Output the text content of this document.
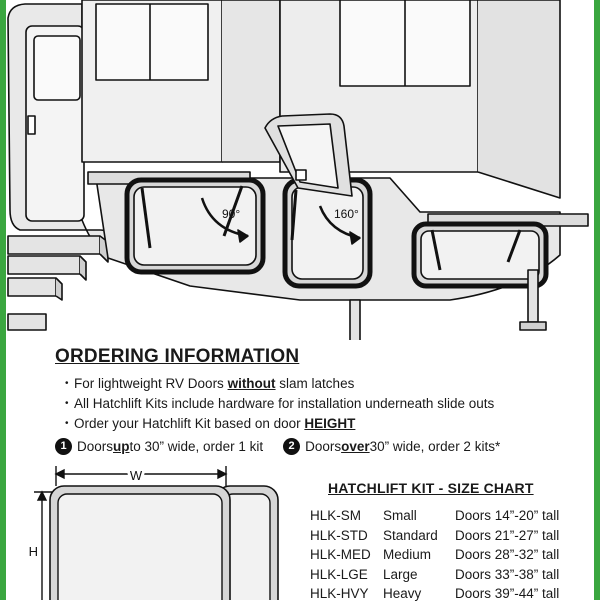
90°	160°
ORDERING INFORMATION
• For lightweight RV Doors without slam latches
• All Hatchlift Kits include hardware for installation underneath slide outs
• Order your Hatchlift Kit based on door HEIGHT
1 Doors up to 30” wide, order 1 kit	2 Doors over 30” wide, order 2 kits*
W
H
HATCHLIFT KIT - SIZE CHART
HLK-SM	Small	Doors 14”-20” tall
HLK-STD	Standard	Doors 21”-27” tall
HLK-MED	Medium	Doors 28”-32” tall
HLK-LGE	Large	Doors 33”-38” tall
HLK-HVY	Heavy	Doors 39”-44” tall
